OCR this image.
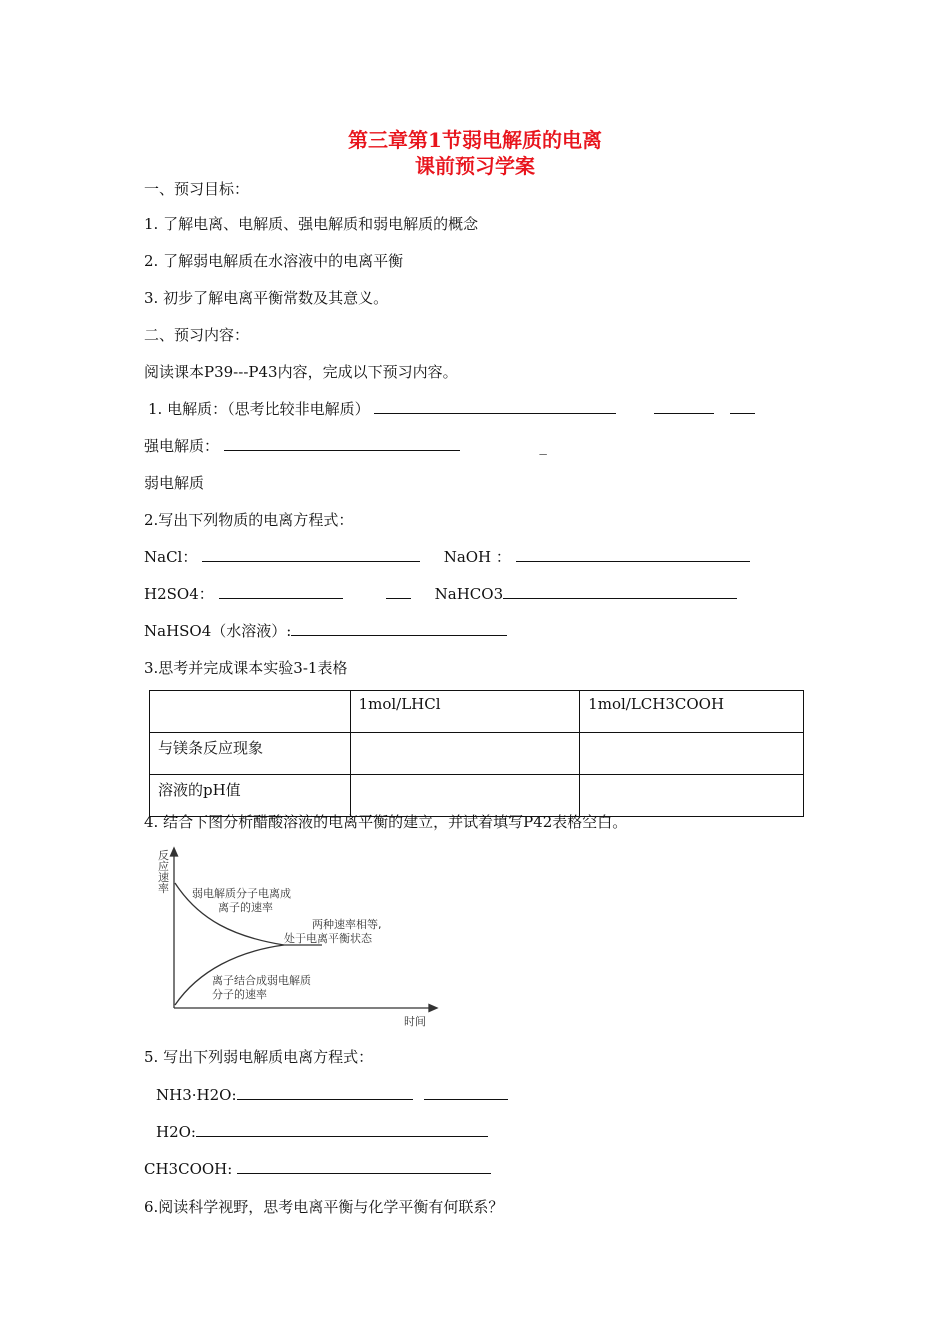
第三章第1节弱电解质的电离
课前预习学案
一、预习目标：
1. 了解电离、电解质、强电解质和弱电解质的概念
2. 了解弱电解质在水溶液中的电离平衡
3. 初步了解电离平衡常数及其意义。
二、预习内容：
阅读课本P39---P43内容，完成以下预习内容。
1. 电解质：（思考比较非电解质）
强电解质：	_
弱电解质
2.写出下列物质的电离方程式：
NaCl：	NaOH ：
H2SO4：	NaHCO3
NaHSO4（水溶液）:
3.思考并完成课本实验3-1表格
	1mol/LHCl	1mol/LCH3COOH
与镁条反应现象		
溶液的pH值		
4. 结合下图分析醋酸溶液的电离平衡的建立，并试着填写P42表格空白。
反
应
速
率 弱电解质分子电离成
离子的速率
两种速率相等,
处于电离平衡状态
离子结合成弱电解质
分子的速率
时间
5. 写出下列弱电解质电离方程式：
NH3·H2O:
H2O:
CH3COOH:
6.阅读科学视野，思考电离平衡与化学平衡有何联系？
